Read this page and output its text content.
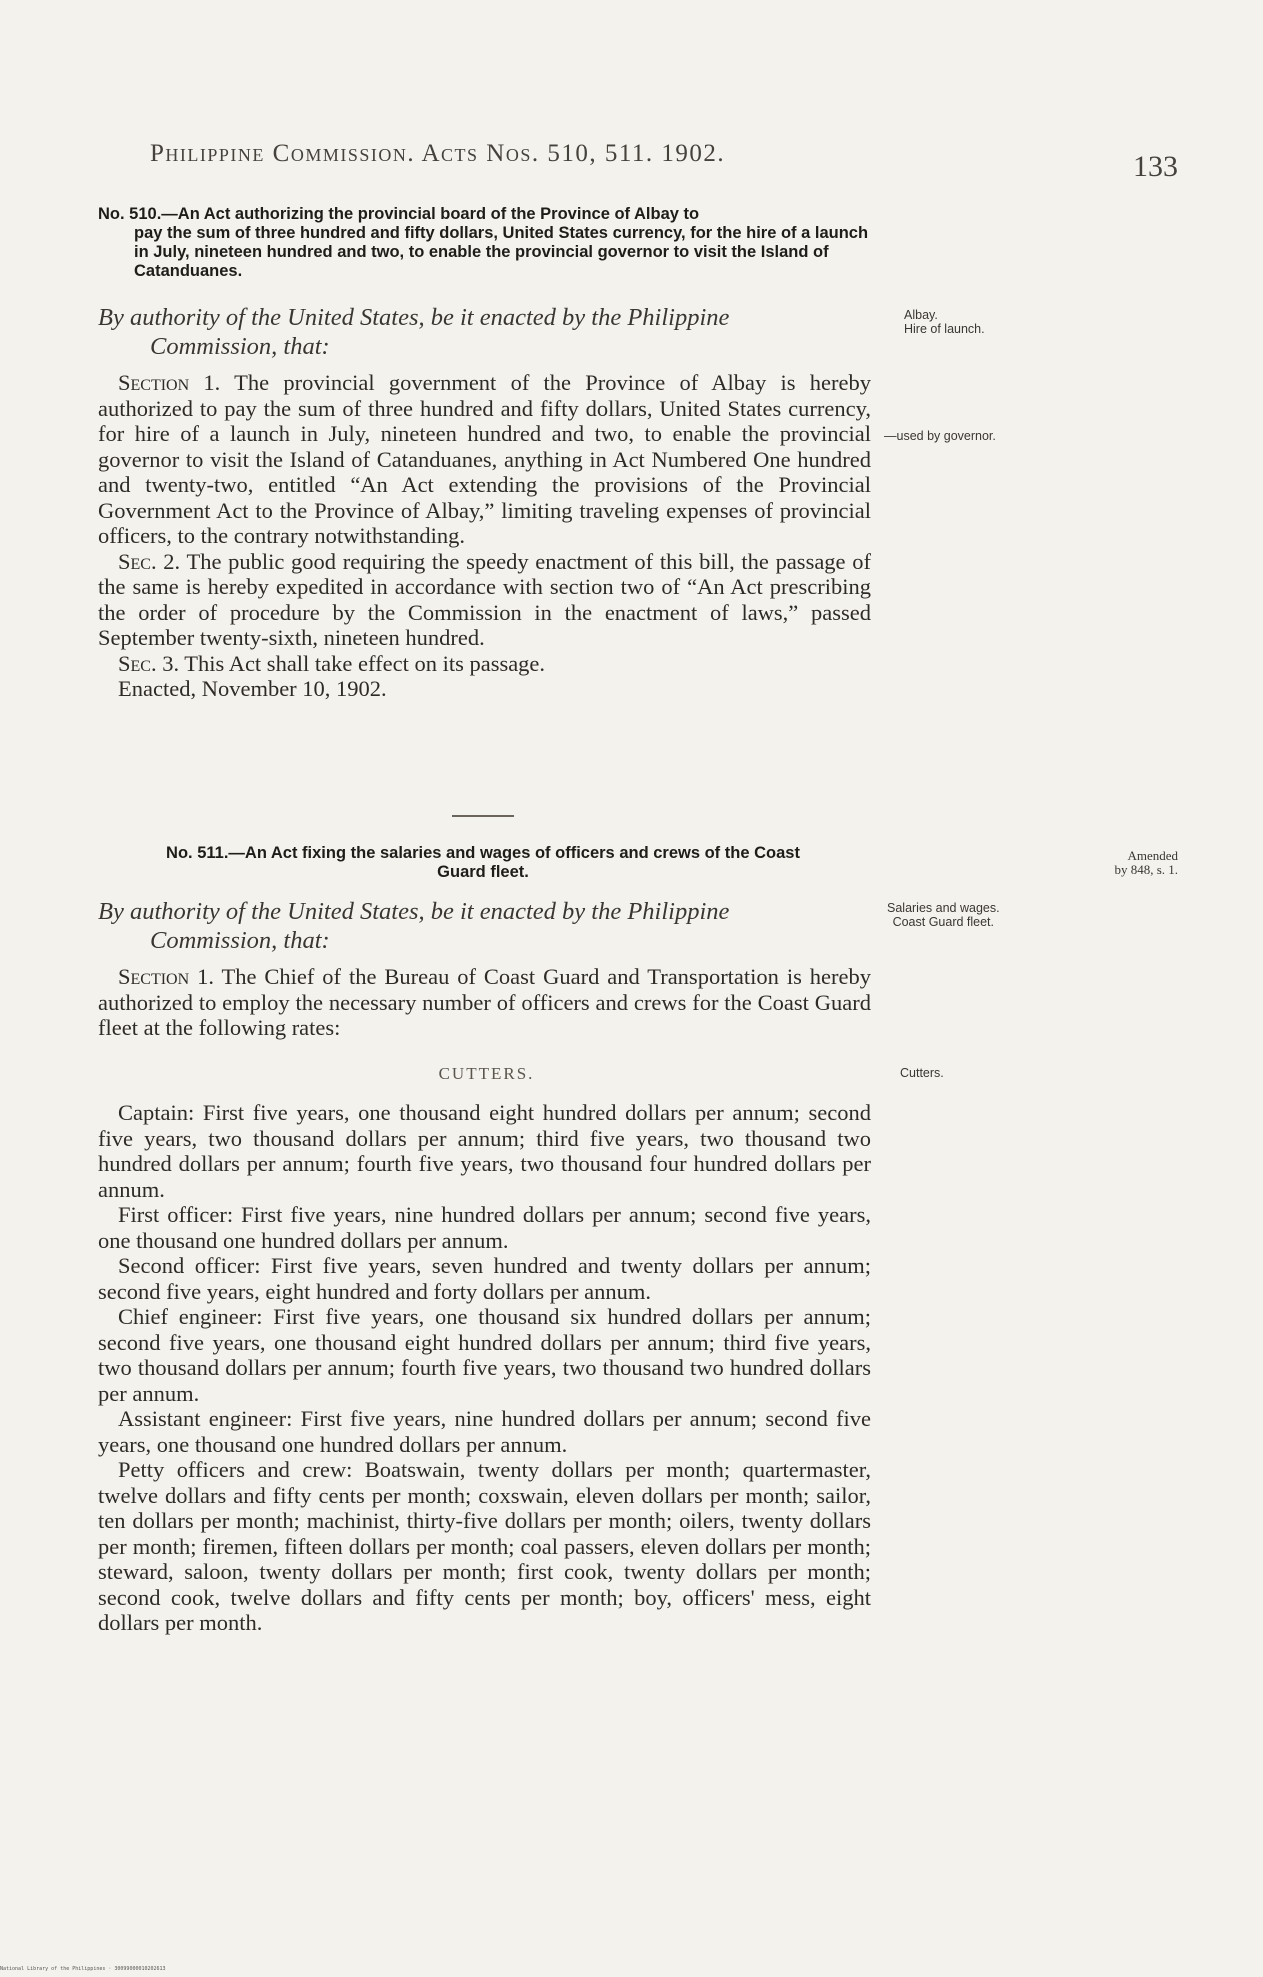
Philippine Commission. Acts Nos. 510, 511. 1902.	133
No. 510.—An Act authorizing the provincial board of the Province of Albay to
pay the sum of three hundred and fifty dollars, United States currency, for the hire of a launch in July, nineteen hundred and two, to enable the provincial governor to visit the Island of Catanduanes.
By authority of the United States, be it enacted by the Philippine
Commission, that:
Albay.
Hire of launch.
—used by governor.

Section 1. The provincial government of the Province of Albay is hereby authorized to pay the sum of three hundred and fifty dollars, United States currency, for hire of a launch in July, nineteen hundred and two, to enable the provincial governor to visit the Island of Catanduanes, anything in Act Numbered One hundred and twenty-two, entitled “An Act extending the provisions of the Provincial Government Act to the Province of Albay,” limiting traveling expenses of provincial officers, to the contrary notwithstanding.

Sec. 2. The public good requiring the speedy enactment of this bill, the passage of the same is hereby expedited in accordance with section two of “An Act prescribing the order of procedure by the Commission in the enactment of laws,” passed September twenty-sixth, nineteen hundred.

Sec. 3. This Act shall take effect on its passage.

Enacted, November 10, 1902.

No. 511.—An Act fixing the salaries and wages of officers and crews of the Coast
Guard fleet.
Amended
by 848, s. 1.
By authority of the United States, be it enacted by the Philippine
Commission, that:
Salaries and wages.
Coast Guard fleet.

Section 1. The Chief of the Bureau of Coast Guard and Transportation is hereby authorized to employ the necessary number of officers and crews for the Coast Guard fleet at the following rates:

CUTTERS.	Cutters.

Captain: First five years, one thousand eight hundred dollars per annum; second five years, two thousand dollars per annum; third five years, two thousand two hundred dollars per annum; fourth five years, two thousand four hundred dollars per annum.

First officer: First five years, nine hundred dollars per annum; second five years, one thousand one hundred dollars per annum.

Second officer: First five years, seven hundred and twenty dollars per annum; second five years, eight hundred and forty dollars per annum.

Chief engineer: First five years, one thousand six hundred dollars per annum; second five years, one thousand eight hundred dollars per annum; third five years, two thousand dollars per annum; fourth five years, two thousand two hundred dollars per annum.

Assistant engineer: First five years, nine hundred dollars per annum; second five years, one thousand one hundred dollars per annum.

Petty officers and crew: Boatswain, twenty dollars per month; quartermaster, twelve dollars and fifty cents per month; coxswain, eleven dollars per month; sailor, ten dollars per month; machinist, thirty-five dollars per month; oilers, twenty dollars per month; firemen, fifteen dollars per month; coal passers, eleven dollars per month; steward, saloon, twenty dollars per month; first cook, twenty dollars per month; second cook, twelve dollars and fifty cents per month; boy, officers' mess, eight dollars per month.

National Library of the Philippines · 30099000010202613
